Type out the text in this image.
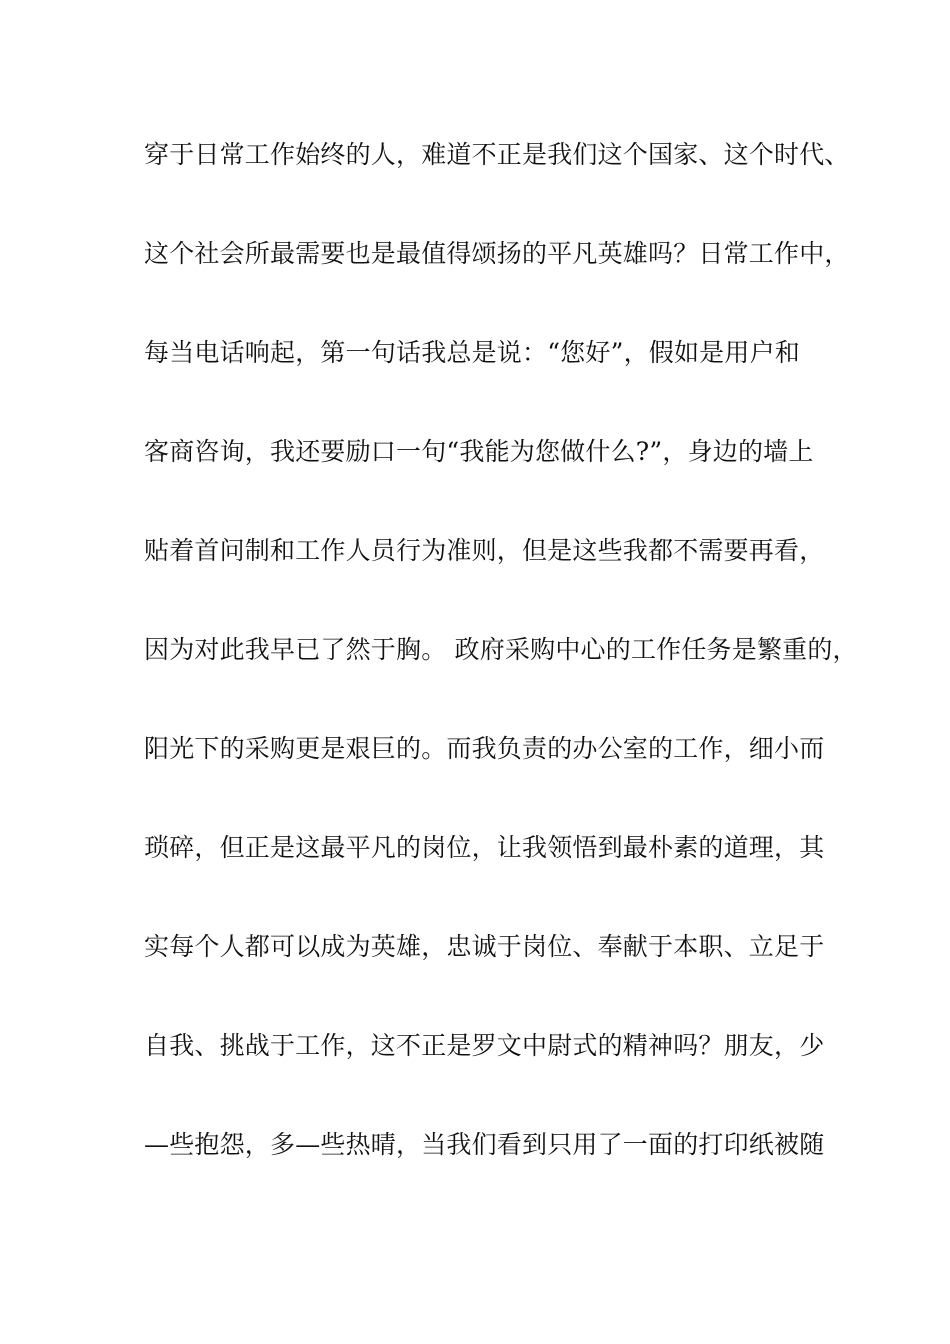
穿于日常工作始终的人，难道不正是我们这个国家、这个时代、
这个社会所最需要也是最值得颂扬的平凡英雄吗？日常工作中，
每当电话响起，第一句话我总是说：“您好”，假如是用户和
客商咨询，我还要励口一句“我能为您做什么?”，身边的墙上
贴着首问制和工作人员行为准则，但是这些我都不需要再看，
因为对此我早已了然于胸。 政府采购中心的工作任务是繁重的，
阳光下的采购更是艰巨的。而我负责的办公室的工作，细小而
琐碎，但正是这最平凡的岗位，让我领悟到最朴素的道理，其
实每个人都可以成为英雄，忠诚于岗位、奉献于本职、立足于
自我、挑战于工作，这不正是罗文中尉式的精神吗？朋友，少
—些抱怨，多—些热晴，当我们看到只用了一面的打印纸被随
